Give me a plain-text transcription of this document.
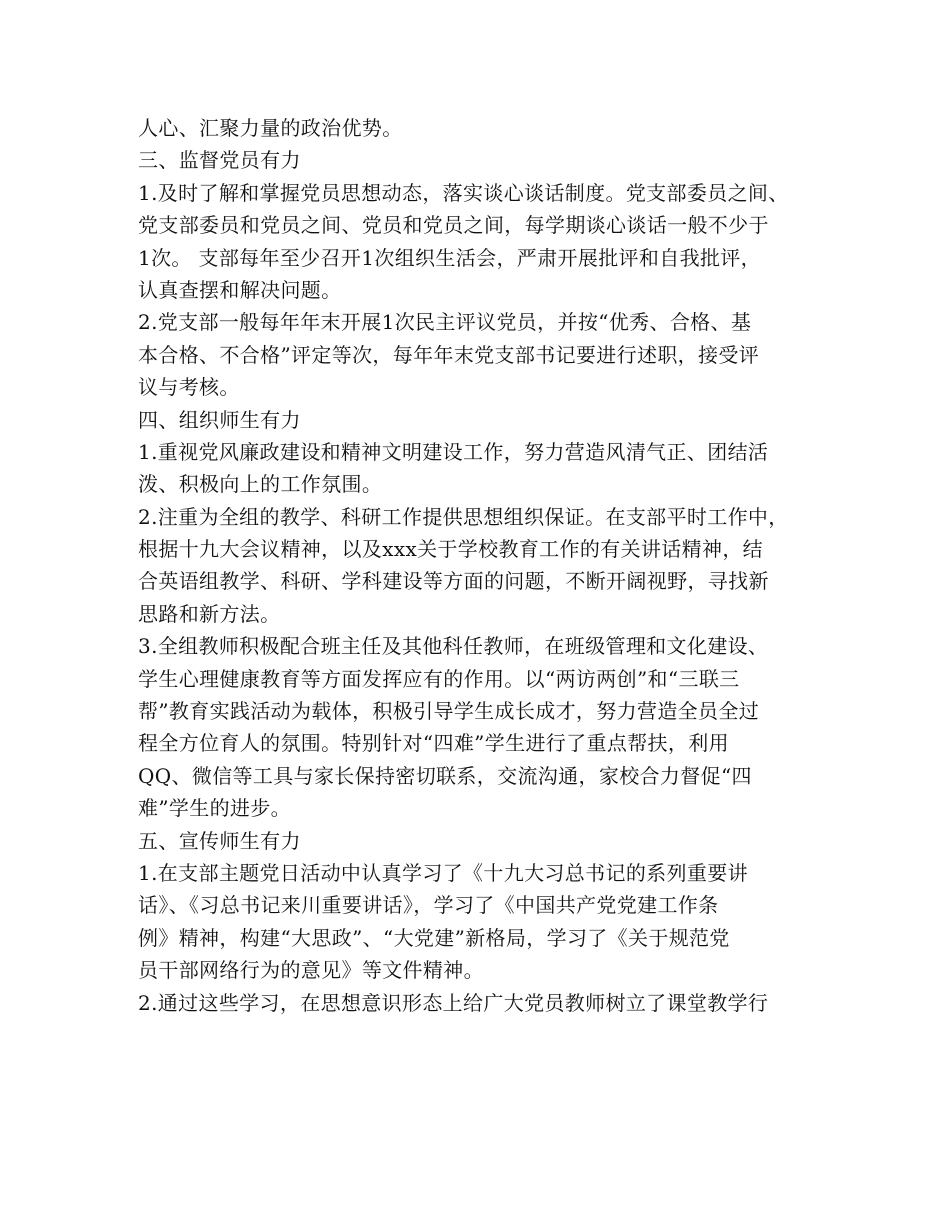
人心、汇聚力量的政治优势。
三、监督党员有力
1.及时了解和掌握党员思想动态，落实谈心谈话制度。党支部委员之间、
党支部委员和党员之间、党员和党员之间，每学期谈心谈话一般不少于
1次。 支部每年至少召开1次组织生活会，严肃开展批评和自我批评，
认真查摆和解决问题。
2.党支部一般每年年末开展1次民主评议党员，并按“优秀、合格、基
本合格、不合格”评定等次，每年年末党支部书记要进行述职，接受评
议与考核。
四、组织师生有力
1.重视党风廉政建设和精神文明建设工作，努力营造风清气正、团结活
泼、积极向上的工作氛围。
2.注重为全组的教学、科研工作提供思想组织保证。在支部平时工作中，
根据十九大会议精神，以及xxx关于学校教育工作的有关讲话精神，结
合英语组教学、科研、学科建设等方面的问题，不断开阔视野，寻找新
思路和新方法。
3.全组教师积极配合班主任及其他科任教师，在班级管理和文化建设、
学生心理健康教育等方面发挥应有的作用。以“两访两创”和“三联三
帮”教育实践活动为载体，积极引导学生成长成才，努力营造全员全过
程全方位育人的氛围。特别针对“四难”学生进行了重点帮扶，利用
QQ、微信等工具与家长保持密切联系，交流沟通，家校合力督促“四
难”学生的进步。
五、宣传师生有力
1.在支部主题党日活动中认真学习了《十九大习总书记的系列重要讲
话》、《习总书记来川重要讲话》，学习了《中国共产党党建工作条
例》精神，构建“大思政”、“大党建”新格局，学习了《关于规范党
员干部网络行为的意见》等文件精神。
2.通过这些学习，在思想意识形态上给广大党员教师树立了课堂教学行
